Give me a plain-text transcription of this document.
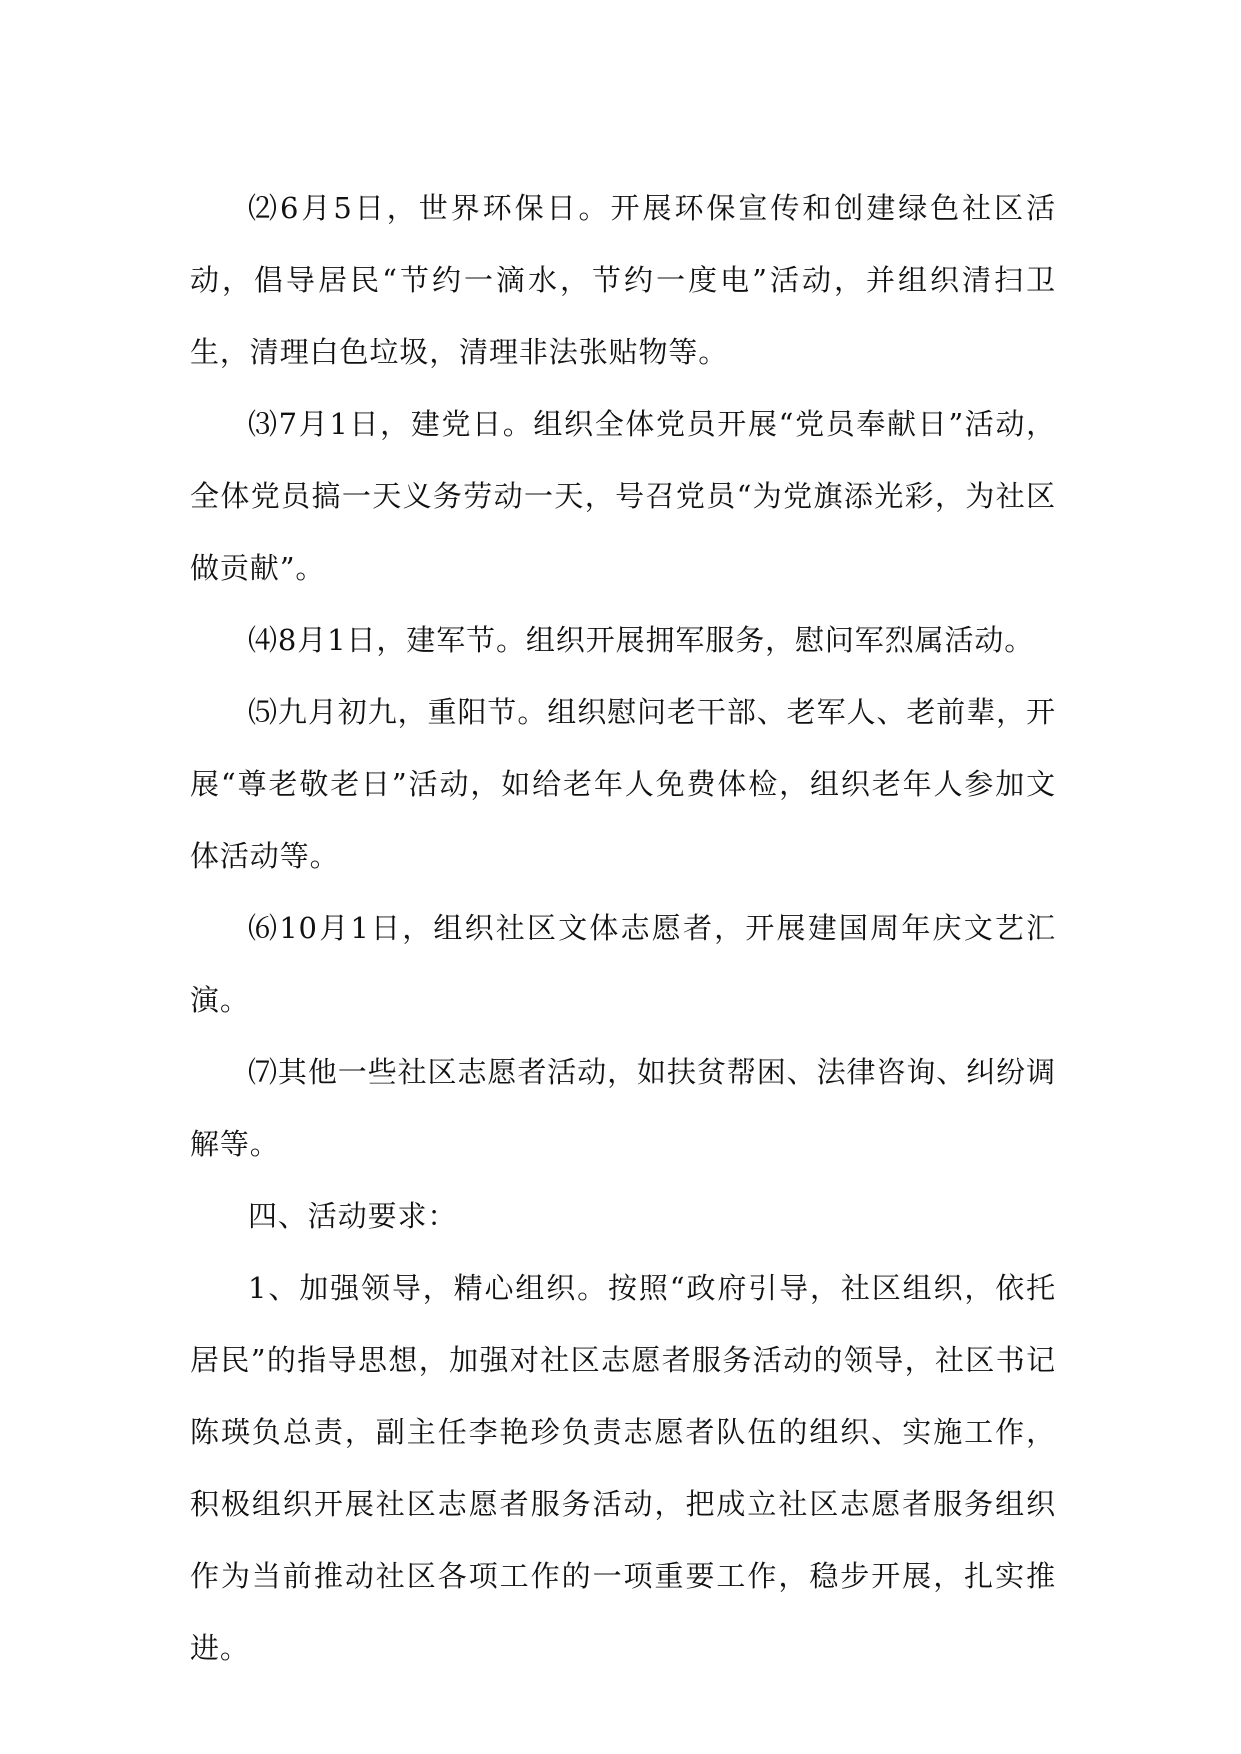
⑵6月5日，世界环保日。开展环保宣传和创建绿色社区活动，倡导居民“节约一滴水，节约一度电”活动，并组织清扫卫生，清理白色垃圾，清理非法张贴物等。

⑶7月1日，建党日。组织全体党员开展“党员奉献日”活动，全体党员搞一天义务劳动一天，号召党员“为党旗添光彩，为社区做贡献”。

⑷8月1日，建军节。组织开展拥军服务，慰问军烈属活动。

⑸九月初九，重阳节。组织慰问老干部、老军人、老前辈，开展“尊老敬老日”活动，如给老年人免费体检，组织老年人参加文体活动等。

⑹10月1日，组织社区文体志愿者，开展建国周年庆文艺汇演。

⑺其他一些社区志愿者活动，如扶贫帮困、法律咨询、纠纷调解等。

四、活动要求：

1、加强领导，精心组织。按照“政府引导，社区组织，依托居民”的指导思想，加强对社区志愿者服务活动的领导，社区书记陈瑛负总责，副主任李艳珍负责志愿者队伍的组织、实施工作，积极组织开展社区志愿者服务活动，把成立社区志愿者服务组织作为当前推动社区各项工作的一项重要工作，稳步开展，扎实推进。
